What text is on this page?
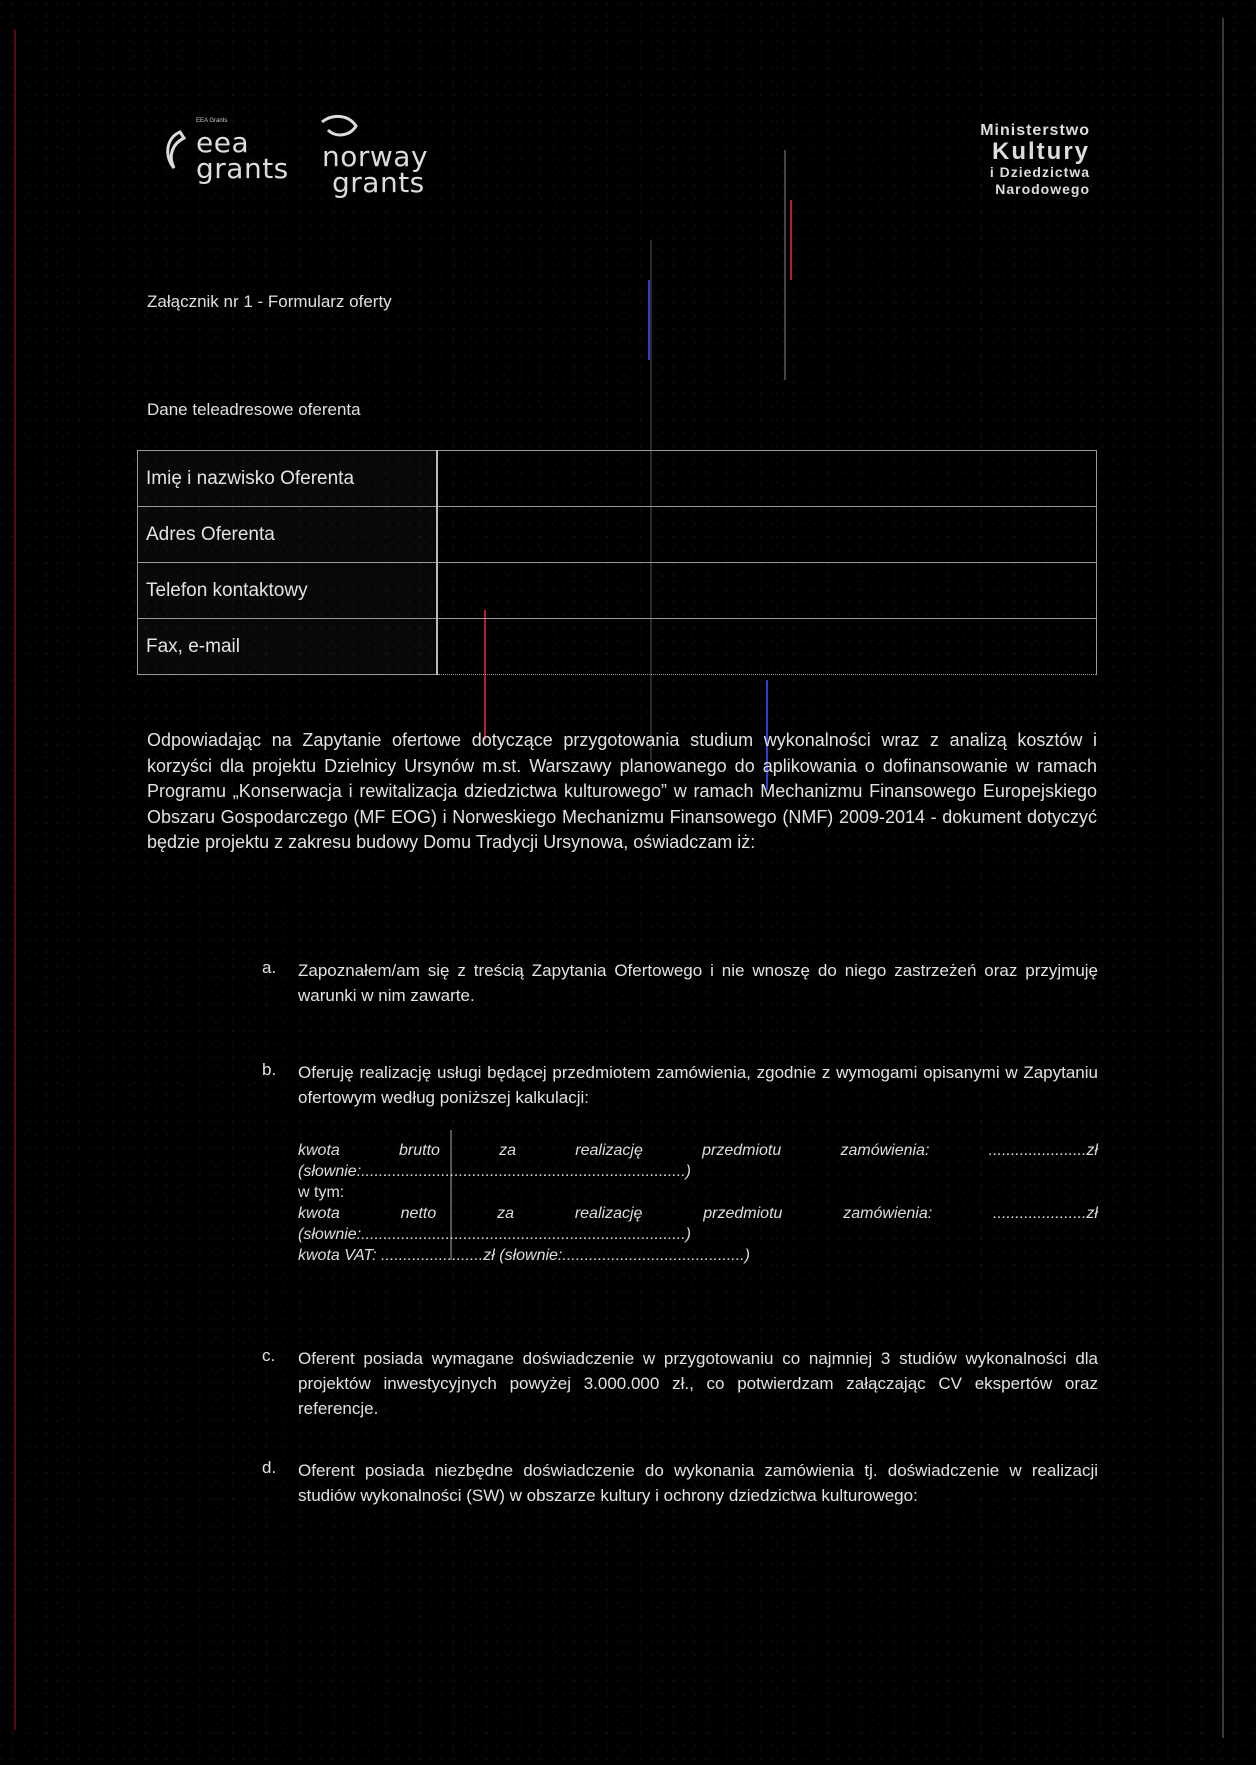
EEA Grants
eea
grants norway
grants
Ministerstwo
Kultury
i Dziedzictwa
Narodowego
Załącznik nr 1 - Formularz oferty
Dane teleadresowe oferenta
Imię i nazwisko Oferenta	
Adres Oferenta	
Telefon kontaktowy	
Fax, e-mail	
Odpowiadając na Zapytanie ofertowe dotyczące przygotowania studium wykonalności wraz z analizą kosztów i korzyści dla projektu Dzielnicy Ursynów m.st. Warszawy planowanego do aplikowania o dofinansowanie w ramach Programu „Konserwacja i rewitalizacja dziedzictwa kulturowego” w ramach Mechanizmu Finansowego Europejskiego Obszaru Gospodarczego (MF EOG) i Norweskiego Mechanizmu Finansowego (NMF) 2009-2014 - dokument dotyczyć będzie projektu z zakresu budowy Domu Tradycji Ursynowa, oświadczam iż:
a. Zapoznałem/am się z treścią Zapytania Ofertowego i nie wnoszę do niego zastrzeżeń oraz przyjmuję warunki w nim zawarte.
b. Oferuję realizację usługi będącej przedmiotem zamówienia, zgodnie z wymogami opisanymi w Zapytaniu ofertowym według poniższej kalkulacji:
kwota	brutto	za	realizację	przedmiotu	zamówienia:	......................zł
(słownie:.........................................................................)
w tym:
kwota	netto	za	realizację	przedmiotu	zamówienia:	.....................zł
(słownie:.........................................................................)
kwota VAT: .......................zł (słownie:.........................................)
c. Oferent posiada wymagane doświadczenie w przygotowaniu co najmniej 3 studiów wykonalności dla projektów inwestycyjnych powyżej 3.000.000 zł., co potwierdzam załączając CV ekspertów oraz referencje.
d. Oferent posiada niezbędne doświadczenie do wykonania zamówienia tj. doświadczenie w realizacji studiów wykonalności (SW) w obszarze kultury i ochrony dziedzictwa kulturowego:
